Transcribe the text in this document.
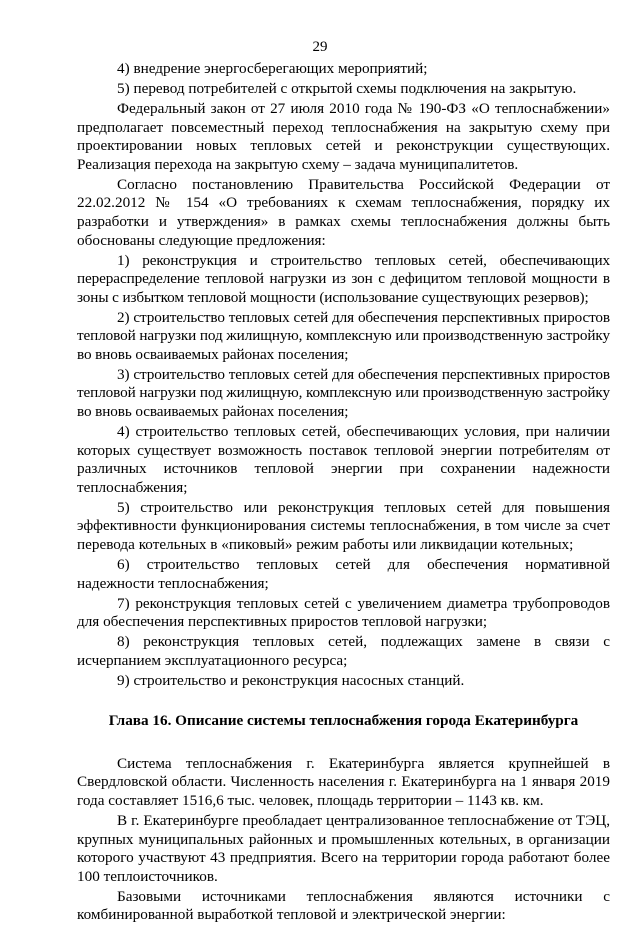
29

4) внедрение энергосберегающих мероприятий;

5) перевод потребителей с открытой схемы подключения на закрытую.

Федеральный закон от 27 июля 2010 года № 190-ФЗ «О теплоснабжении» предполагает повсеместный переход теплоснабжения на закрытую схему при проектировании новых тепловых сетей и реконструкции существующих. Реализация перехода на закрытую схему – задача муниципалитетов.

Согласно постановлению Правительства Российской Федерации от 22.02.2012 № 154 «О требованиях к схемам теплоснабжения, порядку их разработки и утверждения» в рамках схемы теплоснабжения должны быть обоснованы следующие предложения:

1) реконструкция и строительство тепловых сетей, обеспечивающих перераспределение тепловой нагрузки из зон с дефицитом тепловой мощности в зоны с избытком тепловой мощности (использование существующих резервов);

2) строительство тепловых сетей для обеспечения перспективных приростов тепловой нагрузки под жилищную, комплексную или производственную застройку во вновь осваиваемых районах поселения;

3) строительство тепловых сетей для обеспечения перспективных приростов тепловой нагрузки под жилищную, комплексную или производственную застройку во вновь осваиваемых районах поселения;

4) строительство тепловых сетей, обеспечивающих условия, при наличии которых существует возможность поставок тепловой энергии потребителям от различных источников тепловой энергии при сохранении надежности теплоснабжения;

5) строительство или реконструкция тепловых сетей для повышения эффективности функционирования системы теплоснабжения, в том числе за счет перевода котельных в «пиковый» режим работы или ликвидации котельных;

6) строительство тепловых сетей для обеспечения нормативной надежности теплоснабжения;

7) реконструкция тепловых сетей с увеличением диаметра трубопроводов для обеспечения перспективных приростов тепловой нагрузки;

8) реконструкция тепловых сетей, подлежащих замене в связи с исчерпанием эксплуатационного ресурса;

9) строительство и реконструкция насосных станций.

Глава 16. Описание системы теплоснабжения города Екатеринбурга

Система теплоснабжения г. Екатеринбурга является крупнейшей в Свердловской области. Численность населения г. Екатеринбурга на 1 января 2019 года составляет 1516,6 тыс. человек, площадь территории – 1143 кв. км.

В г. Екатеринбурге преобладает централизованное теплоснабжение от ТЭЦ, крупных муниципальных районных и промышленных котельных, в организации которого участвуют 43 предприятия. Всего на территории города работают более 100 теплоисточников.

Базовыми источниками теплоснабжения являются источники с комбинированной выработкой тепловой и электрической энергии:
